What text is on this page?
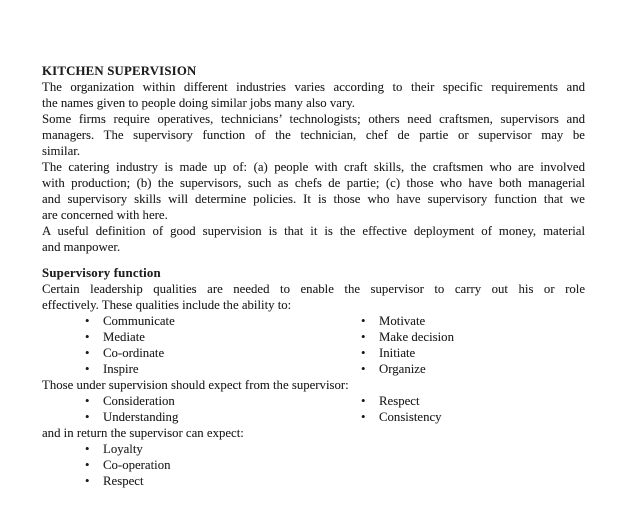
KITCHEN SUPERVISION
The organization within different industries varies according to their specific requirements and
the names given to people doing similar jobs many also vary.
Some firms require operatives, technicians’ technologists; others need craftsmen, supervisors and
managers. The supervisory function of the technician, chef de partie or supervisor may be
similar.
The catering industry is made up of: (a) people with craft skills, the craftsmen who are involved
with production; (b) the supervisors, such as chefs de partie; (c) those who have both managerial
and supervisory skills will determine policies. It is those who have supervisory function that we
are concerned with here.
A useful definition of good supervision is that it is the effective deployment of money, material
and manpower.
Supervisory function
Certain leadership qualities are needed to enable the supervisor to carry out his or role
effectively. These qualities include the ability to:
•	Communicate	•	Motivate
•	Mediate	•	Make decision
•	Co-ordinate	•	Initiate
•	Inspire	•	Organize
Those under supervision should expect from the supervisor:
•	Consideration	•	Respect
•	Understanding	•	Consistency
and in return the supervisor can expect:
•	Loyalty
•	Co-operation
•	Respect
